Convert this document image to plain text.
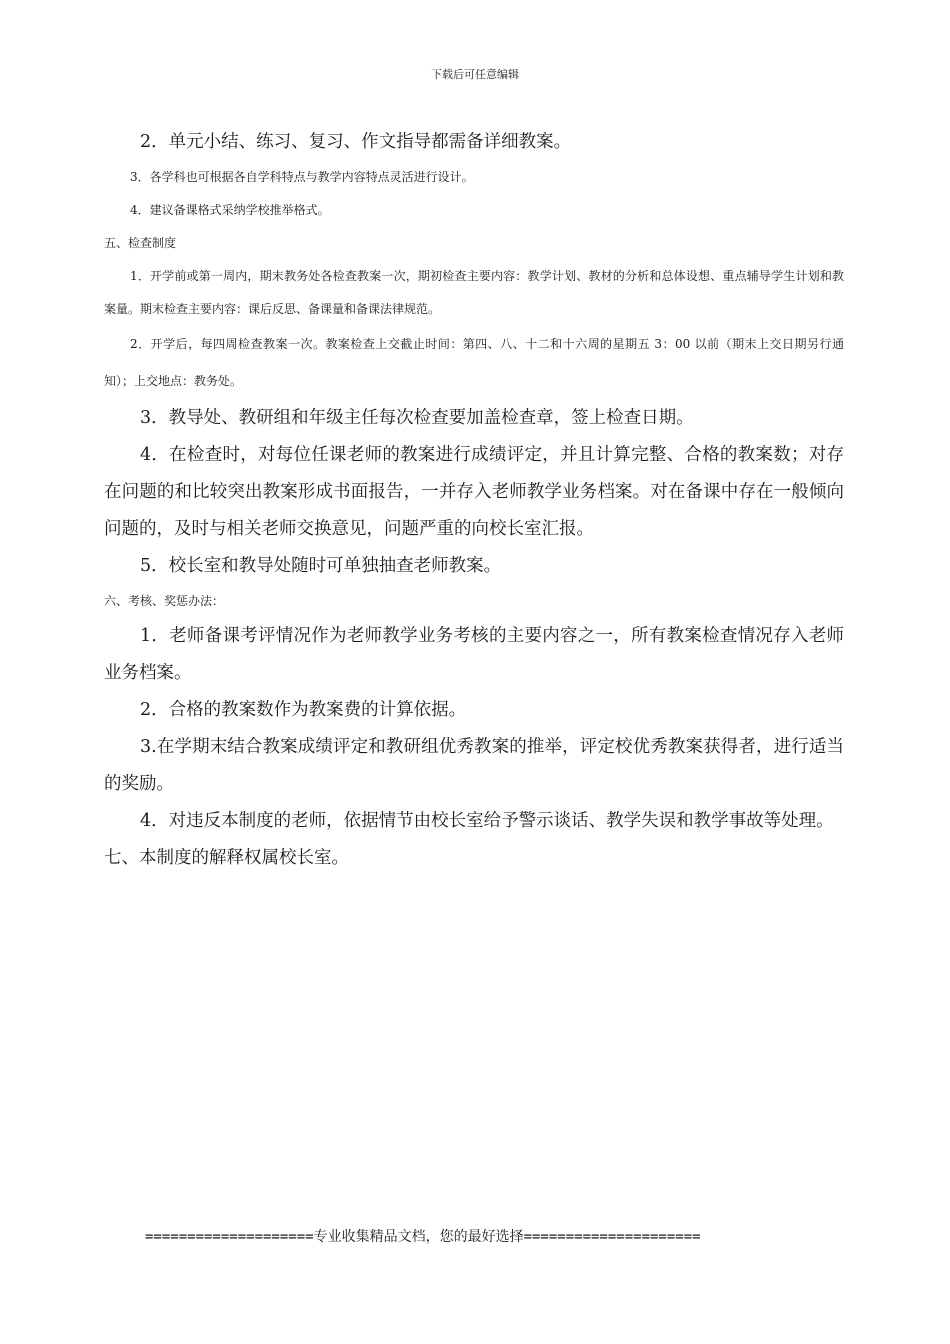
下载后可任意编辑

2．单元小结、练习、复习、作文指导都需备详细教案。

3．各学科也可根据各自学科特点与教学内容特点灵活进行设计。

4．建议备课格式采纳学校推举格式。

五、检查制度

1．开学前或第一周内，期末教务处各检查教案一次，期初检查主要内容：教学计划、教材的分析和总体设想、重点辅导学生计划和教案量。期末检查主要内容：课后反思、备课量和备课法律规范。

2．开学后，每四周检查教案一次。教案检查上交截止时间：第四、八、十二和十六周的星期五 3：00 以前（期末上交日期另行通知）；上交地点：教务处。

3．教导处、教研组和年级主任每次检查要加盖检查章，签上检查日期。

4．在检查时，对每位任课老师的教案进行成绩评定，并且计算完整、合格的教案数；对存在问题的和比较突出教案形成书面报告，一并存入老师教学业务档案。对在备课中存在一般倾向问题的，及时与相关老师交换意见，问题严重的向校长室汇报。

5．校长室和教导处随时可单独抽查老师教案。

六、考核、奖惩办法：

1．老师备课考评情况作为老师教学业务考核的主要内容之一，所有教案检查情况存入老师业务档案。

2．合格的教案数作为教案费的计算依据。

3.在学期末结合教案成绩评定和教研组优秀教案的推举，评定校优秀教案获得者，进行适当的奖励。

4．对违反本制度的老师，依据情节由校长室给予警示谈话、教学失误和教学事故等处理。

七、本制度的解释权属校长室。

====================专业收集精品文档，您的最好选择=====================
